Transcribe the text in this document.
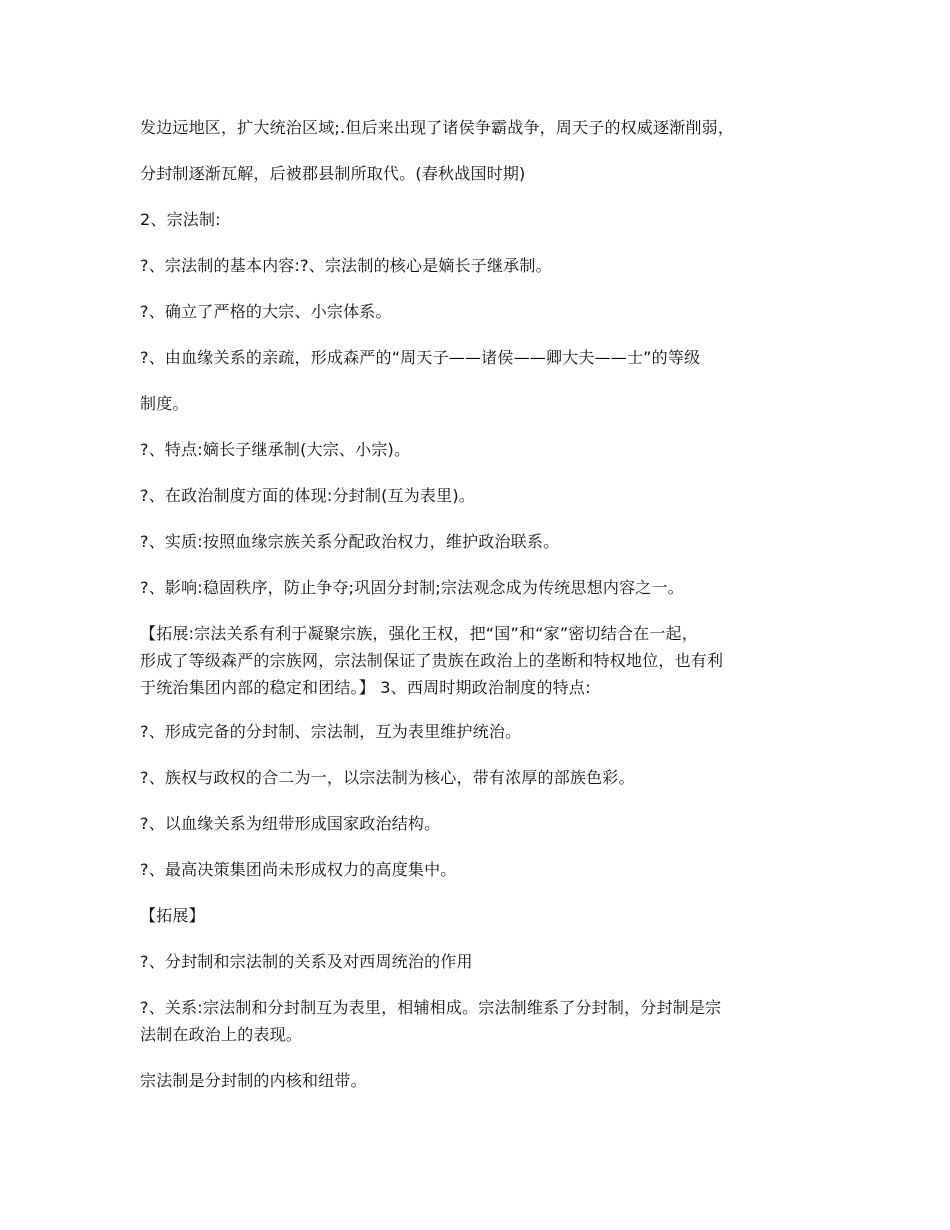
发边远地区，扩大统治区域;.但后来出现了诸侯争霸战争，周天子的权威逐渐削弱，
分封制逐渐瓦解，后被郡县制所取代。(春秋战国时期)
2、宗法制:
?、宗法制的基本内容:?、宗法制的核心是嫡长子继承制。
?、确立了严格的大宗、小宗体系。
?、由血缘关系的亲疏，形成森严的“周天子——诸侯——卿大夫——士”的等级
制度。
?、特点:嫡长子继承制(大宗、小宗)。
?、在政治制度方面的体现:分封制(互为表里)。
?、实质:按照血缘宗族关系分配政治权力，维护政治联系。
?、影响:稳固秩序，防止争夺;巩固分封制;宗法观念成为传统思想内容之一。
【拓展:宗法关系有利于凝聚宗族，强化王权，把“国”和“家”密切结合在一起，
形成了等级森严的宗族网，宗法制保证了贵族在政治上的垄断和特权地位，也有利
于统治集团内部的稳定和团结。】 3、西周时期政治制度的特点:
?、形成完备的分封制、宗法制，互为表里维护统治。
?、族权与政权的合二为一，以宗法制为核心，带有浓厚的部族色彩。
?、以血缘关系为纽带形成国家政治结构。
?、最高决策集团尚未形成权力的高度集中。
【拓展】
?、分封制和宗法制的关系及对西周统治的作用
?、关系:宗法制和分封制互为表里，相辅相成。宗法制维系了分封制，分封制是宗
法制在政治上的表现。
宗法制是分封制的内核和纽带。
